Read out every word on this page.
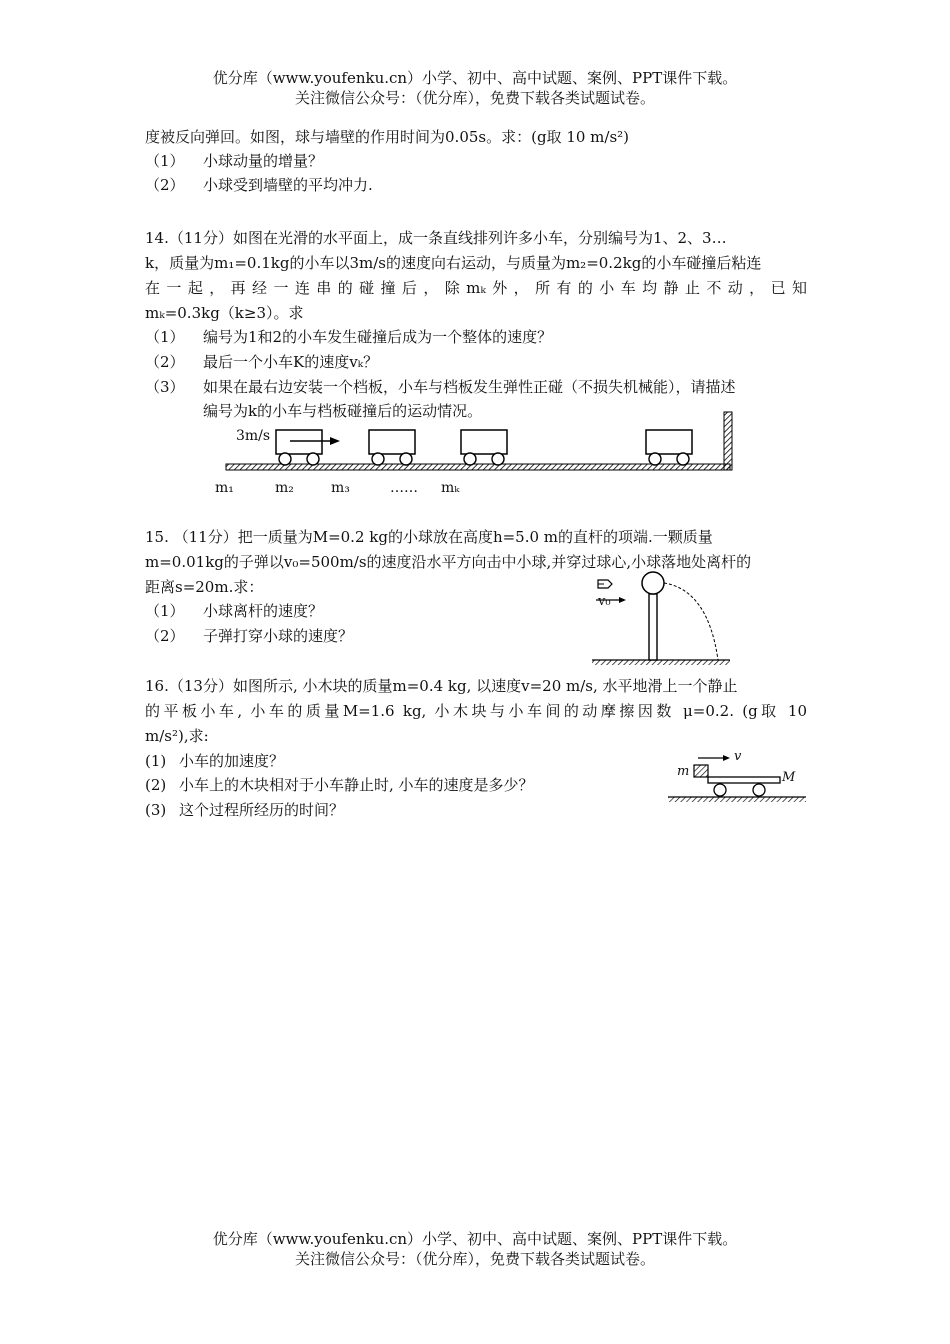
优分库（www.youfenku.cn）小学、初中、高中试题、案例、PPT课件下载。
关注微信公众号：（优分库），免费下载各类试题试卷。
度被反向弹回。如图，球与墙壁的作用时间为0.05s。求：(g取 10 m/s²)
（1） 小球动量的增量？
（2） 小球受到墙壁的平均冲力.
14.（11分）如图在光滑的水平面上，成一条直线排列许多小车，分别编号为1、2、3…
k，质量为m₁=0.1kg的小车以3m/s的速度向右运动，与质量为m₂=0.2kg的小车碰撞后粘连
在一起，再经一连串的碰撞后，除mₖ外，所有的小车均静止不动，已知
mₖ=0.3kg（k≥3）。求
（1） 编号为1和2的小车发生碰撞后成为一个整体的速度？
（2） 最后一个小车K的速度vₖ？
（3） 如果在最右边安装一个档板，小车与档板发生弹性正碰（不损失机械能），请描述
编号为k的小车与档板碰撞后的运动情况。
3m/s
m₁	m₂	m₃	…… mₖ
15. （11分）把一质量为M=0.2 kg的小球放在高度h=5.0 m的直杆的项端.一颗质量
m=0.01kg的子弹以v₀=500m/s的速度沿水平方向击中小球,并穿过球心,小球落地处离杆的
距离s=20m.求：
（1） 小球离杆的速度？
（2） 子弹打穿小球的速度？
v₀
16.（13分）如图所示, 小木块的质量m=0.4 kg, 以速度v=20 m/s, 水平地滑上一个静止
的平板小车, 小车的质量M=1.6 kg, 小木块与小车间的动摩擦因数 μ=0.2. (g取 10
m/s²),求:
(1) 小车的加速度？
(2) 小车上的木块相对于小车静止时, 小车的速度是多少？
(3) 这个过程所经历的时间？
m
v
M
优分库（www.youfenku.cn）小学、初中、高中试题、案例、PPT课件下载。
关注微信公众号：（优分库），免费下载各类试题试卷。
